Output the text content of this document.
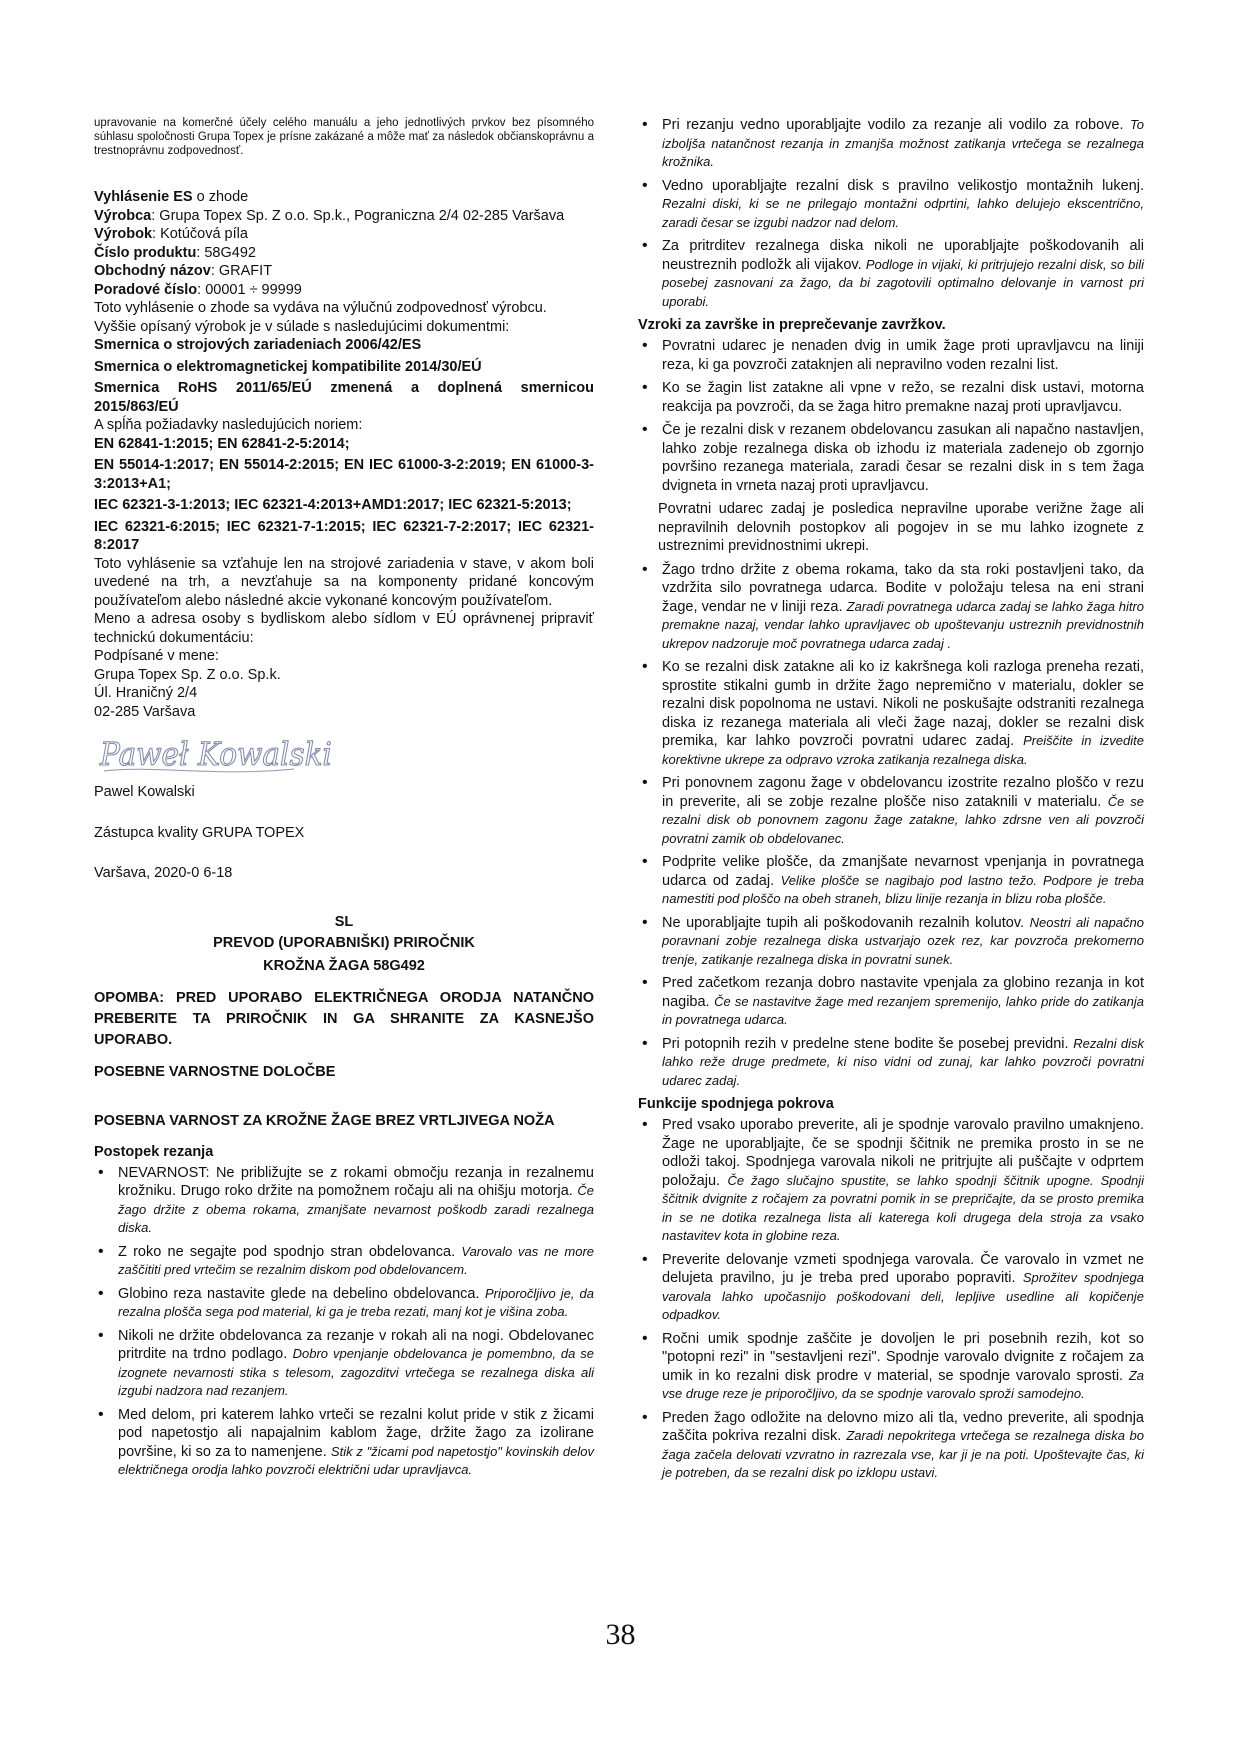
upravovanie na komerčné účely celého manuálu a jeho jednotlivých prvkov bez písomného súhlasu spoločnosti Grupa Topex je prísne zakázané a môže mať za následok občianskoprávnu a trestnoprávnu zodpovednosť.

Vyhlásenie ES o zhode

Výrobca: Grupa Topex Sp. Z o.o. Sp.k., Pograniczna 2/4 02-285 Varšava

Výrobok: Kotúčová píla

Číslo produktu: 58G492

Obchodný názov: GRAFIT

Poradové číslo: 00001 ÷ 99999

Toto vyhlásenie o zhode sa vydáva na výlučnú zodpovednosť výrobcu.

Vyššie opísaný výrobok je v súlade s nasledujúcimi dokumentmi:

Smernica o strojových zariadeniach 2006/42/ES

Smernica o elektromagnetickej kompatibilite 2014/30/EÚ

Smernica RoHS 2011/65/EÚ zmenená a doplnená smernicou 2015/863/EÚ

A spĺňa požiadavky nasledujúcich noriem:

EN 62841-1:2015; EN 62841-2-5:2014;

EN 55014-1:2017; EN 55014-2:2015; EN IEC 61000-3-2:2019; EN 61000-3-3:2013+A1;

IEC 62321-3-1:2013; IEC 62321-4:2013+AMD1:2017; IEC 62321-5:2013;

IEC 62321-6:2015; IEC 62321-7-1:2015; IEC 62321-7-2:2017; IEC 62321-8:2017

Toto vyhlásenie sa vzťahuje len na strojové zariadenia v stave, v akom boli uvedené na trh, a nevzťahuje sa na komponenty pridané koncovým používateľom alebo následné akcie vykonané koncovým používateľom.

Meno a adresa osoby s bydliskom alebo sídlom v EÚ oprávnenej pripraviť technickú dokumentáciu:

Podpísané v mene:

Grupa Topex Sp. Z o.o. Sp.k.

Úl. Hraničný 2/4

02-285 Varšava

Paweł Kowalski

Pawel Kowalski

Zástupca kvality GRUPA TOPEX

Varšava, 2020-0 6-18

SL

PREVOD (UPORABNIŠKI) PRIROČNIK

KROŽNA ŽAGA 58G492

OPOMBA: PRED UPORABO ELEKTRIČNEGA ORODJA NATANČNO PREBERITE TA PRIROČNIK IN GA SHRANITE ZA KASNEJŠO UPORABO.

POSEBNE VARNOSTNE DOLOČBE

POSEBNA VARNOST ZA KROŽNE ŽAGE BREZ VRTLJIVEGA NOŽA

Postopek rezanja

• NEVARNOST: Ne približujte se z rokami območju rezanja in rezalnemu krožniku. Drugo roko držite na pomožnem ročaju ali na ohišju motorja. Če žago držite z obema rokama, zmanjšate nevarnost poškodb zaradi rezalnega diska.
• Z roko ne segajte pod spodnjo stran obdelovanca. Varovalo vas ne more zaščititi pred vrtečim se rezalnim diskom pod obdelovancem.
• Globino reza nastavite glede na debelino obdelovanca. Priporočljivo je, da rezalna plošča sega pod material, ki ga je treba rezati, manj kot je višina zoba.
• Nikoli ne držite obdelovanca za rezanje v rokah ali na nogi. Obdelovanec pritrdite na trdno podlago. Dobro vpenjanje obdelovanca je pomembno, da se izognete nevarnosti stika s telesom, zagozditvi vrtečega se rezalnega diska ali izgubi nadzora nad rezanjem.
• Med delom, pri katerem lahko vrteči se rezalni kolut pride v stik z žicami pod napetostjo ali napajalnim kablom žage, držite žago za izolirane površine, ki so za to namenjene. Stik z "žicami pod napetostjo" kovinskih delov električnega orodja lahko povzroči električni udar upravljavca.
• Pri rezanju vedno uporabljajte vodilo za rezanje ali vodilo za robove. To izboljša natančnost rezanja in zmanjša možnost zatikanja vrtečega se rezalnega krožnika.
• Vedno uporabljajte rezalni disk s pravilno velikostjo montažnih lukenj. Rezalni diski, ki se ne prilegajo montažni odprtini, lahko delujejo ekscentrično, zaradi česar se izgubi nadzor nad delom.
• Za pritrditev rezalnega diska nikoli ne uporabljajte poškodovanih ali neustreznih podložk ali vijakov. Podloge in vijaki, ki pritrjujejo rezalni disk, so bili posebej zasnovani za žago, da bi zagotovili optimalno delovanje in varnost pri uporabi.

Vzroki za završke in preprečevanje zavržkov.

• Povratni udarec je nenaden dvig in umik žage proti upravljavcu na liniji reza, ki ga povzroči zataknjen ali nepravilno voden rezalni list.
• Ko se žagin list zatakne ali vpne v režo, se rezalni disk ustavi, motorna reakcija pa povzroči, da se žaga hitro premakne nazaj proti upravljavcu.
• Če je rezalni disk v rezanem obdelovancu zasukan ali napačno nastavljen, lahko zobje rezalnega diska ob izhodu iz materiala zadenejo ob zgornjo površino rezanega materiala, zaradi česar se rezalni disk in s tem žaga dvigneta in vrneta nazaj proti upravljavcu.

Povratni udarec zadaj je posledica nepravilne uporabe verižne žage ali nepravilnih delovnih postopkov ali pogojev in se mu lahko izognete z ustreznimi previdnostnimi ukrepi.

• Žago trdno držite z obema rokama, tako da sta roki postavljeni tako, da vzdržita silo povratnega udarca. Bodite v položaju telesa na eni strani žage, vendar ne v liniji reza. Zaradi povratnega udarca zadaj se lahko žaga hitro premakne nazaj, vendar lahko upravljavec ob upoštevanju ustreznih previdnostnih ukrepov nadzoruje moč povratnega udarca zadaj .
• Ko se rezalni disk zatakne ali ko iz kakršnega koli razloga preneha rezati, sprostite stikalni gumb in držite žago nepremično v materialu, dokler se rezalni disk popolnoma ne ustavi. Nikoli ne poskušajte odstraniti rezalnega diska iz rezanega materiala ali vleči žage nazaj, dokler se rezalni disk premika, kar lahko povzroči povratni udarec zadaj. Preiščite in izvedite korektivne ukrepe za odpravo vzroka zatikanja rezalnega diska.
• Pri ponovnem zagonu žage v obdelovancu izostrite rezalno ploščo v rezu in preverite, ali se zobje rezalne plošče niso zataknili v materialu. Če se rezalni disk ob ponovnem zagonu žage zatakne, lahko zdrsne ven ali povzroči povratni zamik ob obdelovanec.
• Podprite velike plošče, da zmanjšate nevarnost vpenjanja in povratnega udarca od zadaj. Velike plošče se nagibajo pod lastno težo. Podpore je treba namestiti pod ploščo na obeh straneh, blizu linije rezanja in blizu roba plošče.
• Ne uporabljajte tupih ali poškodovanih rezalnih kolutov. Neostri ali napačno poravnani zobje rezalnega diska ustvarjajo ozek rez, kar povzroča prekomerno trenje, zatikanje rezalnega diska in povratni sunek.
• Pred začetkom rezanja dobro nastavite vpenjala za globino rezanja in kot nagiba. Če se nastavitve žage med rezanjem spremenijo, lahko pride do zatikanja in povratnega udarca.
• Pri potopnih rezih v predelne stene bodite še posebej previdni. Rezalni disk lahko reže druge predmete, ki niso vidni od zunaj, kar lahko povzroči povratni udarec zadaj.

Funkcije spodnjega pokrova

• Pred vsako uporabo preverite, ali je spodnje varovalo pravilno umaknjeno. Žage ne uporabljajte, če se spodnji ščitnik ne premika prosto in se ne odloži takoj. Spodnjega varovala nikoli ne pritrjujte ali puščajte v odprtem položaju. Če žago slučajno spustite, se lahko spodnji ščitnik upogne. Spodnji ščitnik dvignite z ročajem za povratni pomik in se prepričajte, da se prosto premika in se ne dotika rezalnega lista ali katerega koli drugega dela stroja za vsako nastavitev kota in globine reza.
• Preverite delovanje vzmeti spodnjega varovala. Če varovalo in vzmet ne delujeta pravilno, ju je treba pred uporabo popraviti. Sprožitev spodnjega varovala lahko upočasnijo poškodovani deli, lepljive usedline ali kopičenje odpadkov.
• Ročni umik spodnje zaščite je dovoljen le pri posebnih rezih, kot so "potopni rezi" in "sestavljeni rezi". Spodnje varovalo dvignite z ročajem za umik in ko rezalni disk prodre v material, se spodnje varovalo sprosti. Za vse druge reze je priporočljivo, da se spodnje varovalo sproži samodejno.
• Preden žago odložite na delovno mizo ali tla, vedno preverite, ali spodnja zaščita pokriva rezalni disk. Zaradi nepokritega vrtečega se rezalnega diska bo žaga začela delovati vzvratno in razrezala vse, kar ji je na poti. Upoštevajte čas, ki je potreben, da se rezalni disk po izklopu ustavi.
38
